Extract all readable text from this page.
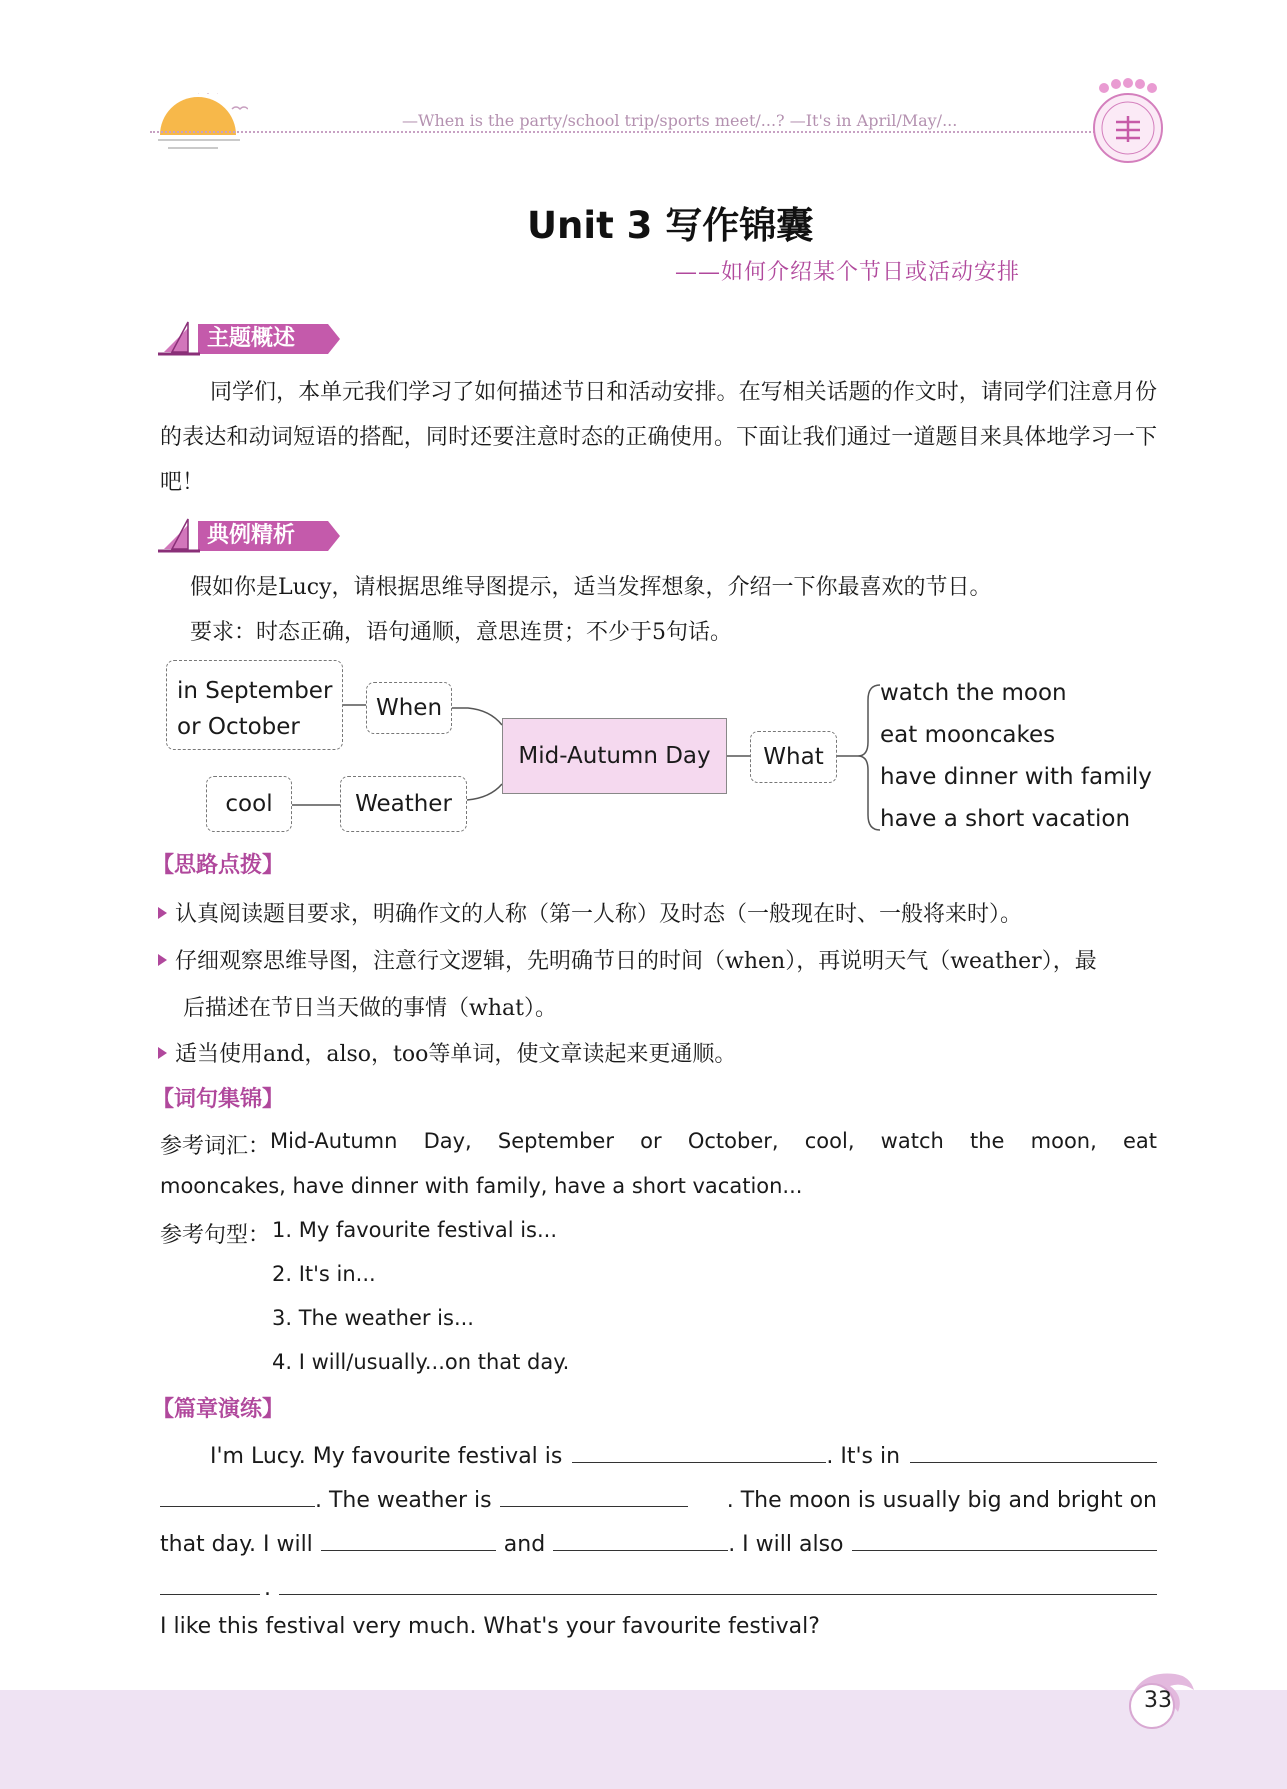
—When is the party/school trip/sports meet/...? —It's in April/May/...
Unit 3 写作锦囊
——如何介绍某个节日或活动安排
主题概述
同学们，本单元我们学习了如何描述节日和活动安排。在写相关话题的作文时，请同学们注意月份的表达和动词短语的搭配，同时还要注意时态的正确使用。下面让我们通过一道题目来具体地学习一下吧！
典例精析
假如你是Lucy，请根据思维导图提示，适当发挥想象，介绍一下你最喜欢的节日。
要求：时态正确，语句通顺，意思连贯；不少于5句话。
in September
or October
When
Mid-Autumn Day	What
cool	Weather
watch the moon
eat mooncakes
have dinner with family
have a short vacation
【思路点拨】
认真阅读题目要求，明确作文的人称（第一人称）及时态（一般现在时、一般将来时）。
仔细观察思维导图，注意行文逻辑，先明确节日的时间（when），再说明天气（weather），最
后描述在节日当天做的事情（what）。
适当使用and，also，too等单词，使文章读起来更通顺。
【词句集锦】
参考词汇： Mid-Autumn Day, September or October, cool, watch the moon, eat
mooncakes, have dinner with family, have a short vacation...
参考句型： 1. My favourite festival is...
2. It's in...
3. The weather is...
4. I will/usually...on that day.
【篇章演练】
I'm Lucy. My favourite festival is	. It's in
. The weather is	. The moon is usually big and bright on
that day. I will	and	. I will also
.
I like this festival very much. What's your favourite festival?
33
